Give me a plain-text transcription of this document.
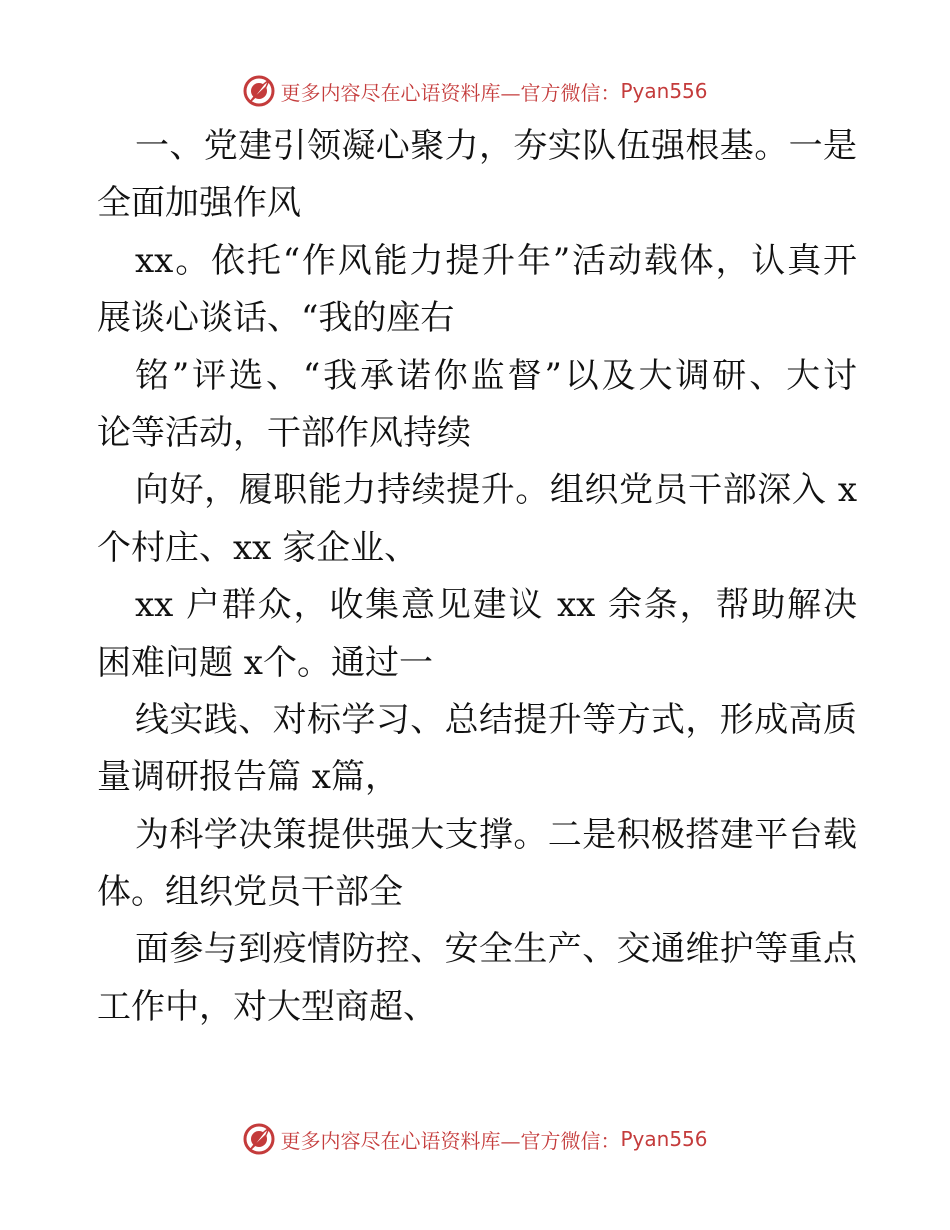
更多内容尽在心语资料库—官方微信： Pyan556
一、党建引领凝心聚力，夯实队伍强根基。一是
全面加强作风
xx。依托“作风能力提升年”活动载体，认真开
展谈心谈话、“我的座右
铭”评选、“我承诺你监督”以及大调研、大讨
论等活动，干部作风持续
向好，履职能力持续提升。组织党员干部深入 x
个村庄、xx 家企业、
xx 户群众，收集意见建议 xx 余条，帮助解决
困难问题 x个。通过一
线实践、对标学习、总结提升等方式，形成高质
量调研报告篇 x篇，
为科学决策提供强大支撑。二是积极搭建平台载
体。组织党员干部全
面参与到疫情防控、安全生产、交通维护等重点
工作中，对大型商超、
更多内容尽在心语资料库—官方微信： Pyan556
